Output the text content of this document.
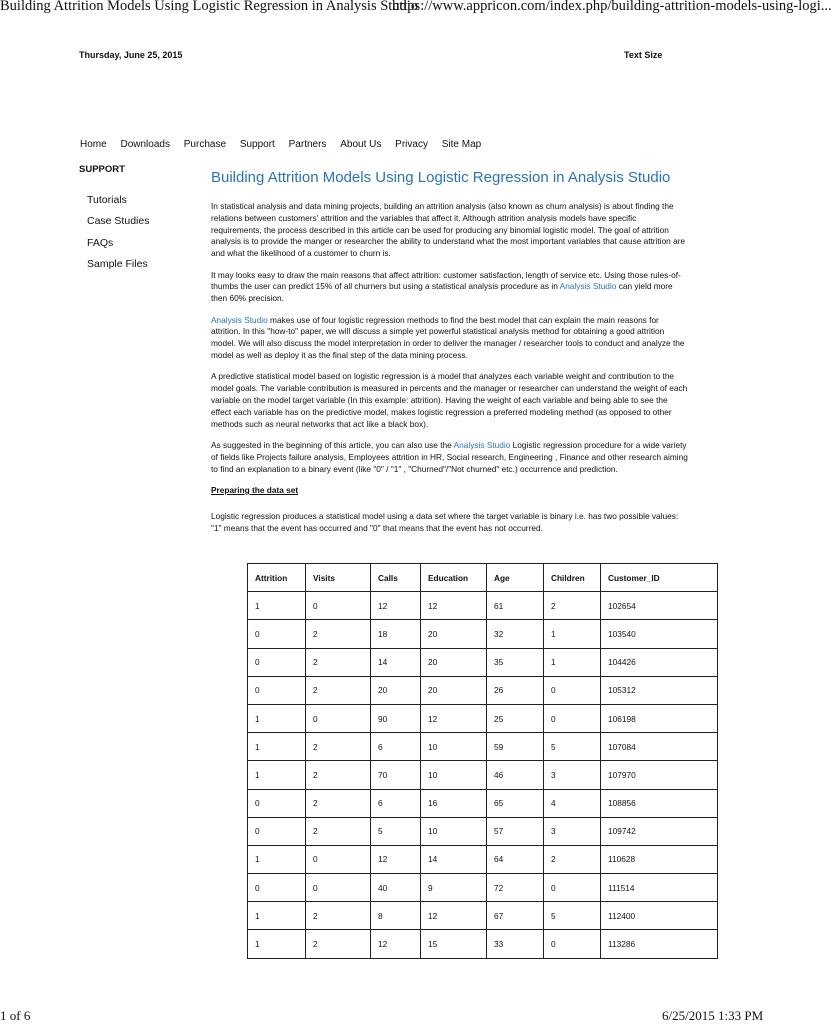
Building Attrition Models Using Logistic Regression in Analysis Studio
https://www.appricon.com/index.php/building-attrition-models-using-logi...
Thursday, June 25, 2015	Text Size
Home Downloads Purchase Support Partners About Us Privacy Site Map
SUPPORT
Tutorials
Case Studies
FAQs
Sample Files
Building Attrition Models Using Logistic Regression in Analysis Studio

In statistical analysis and data mining projects, building an attrition analysis (also known as churn analysis) is about finding the relations between customers' attrition and the variables that affect it. Although attrition analysis models have specific requirements, the process described in this article can be used for producing any binomial logistic model. The goal of attrition analysis is to provide the manger or researcher the ability to understand what the most important variables that cause attrition are and what the likelihood of a customer to churn is.

It may looks easy to draw the main reasons that affect attrition: customer satisfaction, length of service etc. Using those rules-of-thumbs the user can predict 15% of all churners but using a statistical analysis procedure as in Analysis Studio can yield more then 60% precision.

Analysis Studio makes use of four logistic regression methods to find the best model that can explain the main reasons for attrition. In this "how-to" paper, we will discuss a simple yet powerful statistical analysis method for obtaining a good attrition model. We will also discuss the model interpretation in order to deliver the manager / researcher tools to conduct and analyze the model as well as deploy it as the final step of the data mining process.

A predictive statistical model based on logistic regression is a model that analyzes each variable weight and contribution to the model goals. The variable contribution is measured in percents and the manager or researcher can understand the weight of each variable on the model target variable (In this example: attrition). Having the weight of each variable and being able to see the effect each variable has on the predictive model, makes logistic regression a preferred modeling method (as opposed to other methods such as neural networks that act like a black box).

As suggested in the beginning of this article, you can also use the Analysis Studio Logistic regression procedure for a wide variety of fields like Projects failure analysis, Employees attrition in HR, Social research, Engineering , Finance and other research aiming to find an explanation to a binary event (like "0" / "1" , "Churned"/"Not churned" etc.) occurrence and prediction.

Preparing the data set

Logistic regression produces a statistical model using a data set where the target variable is binary i.e. has two possible values: "1" means that the event has occurred and "0" that means that the event has not occurred.

Attrition	Visits	Calls	Education	Age	Children	Customer_ID
1	0	12	12	61	2	102654
0	2	18	20	32	1	103540
0	2	14	20	35	1	104426
0	2	20	20	26	0	105312
1	0	90	12	25	0	106198
1	2	6	10	59	5	107084
1	2	70	10	46	3	107970
0	2	6	16	65	4	108856
0	2	5	10	57	3	109742
1	0	12	14	64	2	110628
0	0	40	9	72	0	111514
1	2	8	12	67	5	112400
1	2	12	15	33	0	113286
1 of 6	6/25/2015 1:33 PM
